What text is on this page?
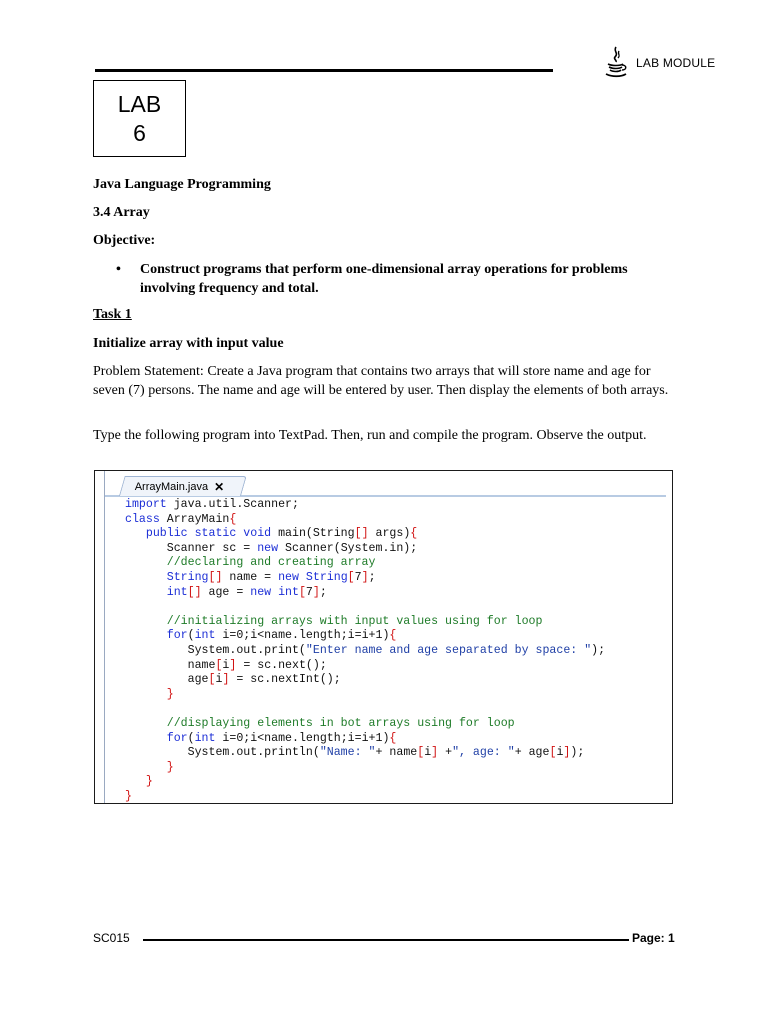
LAB MODULE
LAB
6

Java Language Programming

3.4 Array

Objective:

•	Construct programs that perform one-dimensional array operations for problems involving frequency and total.

Task 1

Initialize array with input value

Problem Statement: Create a Java program that contains two arrays that will store name and age for seven (7) persons. The name and age will be entered by user. Then display the elements of both arrays.

Type the following program into TextPad. Then, run and compile the program. Observe the output.

ArrayMain.java ✕
import java.util.Scanner;
class ArrayMain{
public static void main(String[] args){
Scanner sc = new Scanner(System.in);
//declaring and creating array
String[] name = new String[7];
int[] age = new int[7];

//initializing arrays with input values using for loop
for(int i=0;i<name.length;i=i+1){
System.out.print("Enter name and age separated by space: ");
name[i] = sc.next();
age[i] = sc.nextInt();
}

//displaying elements in bot arrays using for loop
for(int i=0;i<name.length;i=i+1){
System.out.println("Name: "+ name[i] +", age: "+ age[i]);
}
}
}
SC015	Page: 1
